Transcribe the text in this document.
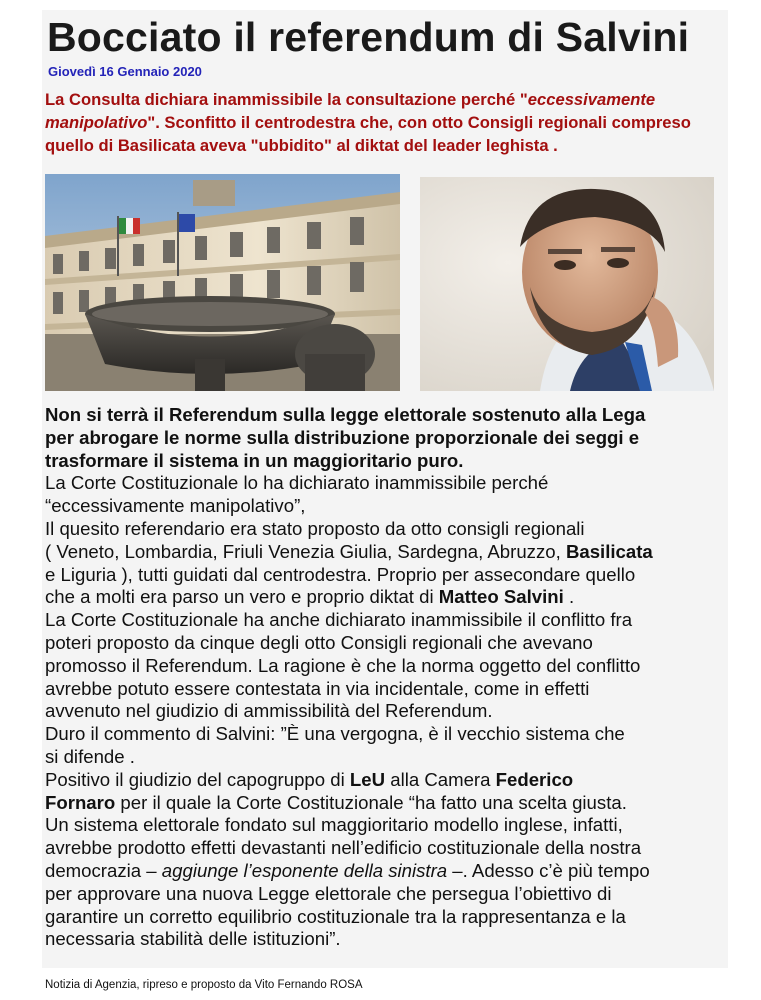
Bocciato il referendum di Salvini
Giovedì 16 Gennaio 2020

La Consulta dichiara inammissibile la consultazione perché "eccessivamente
manipolativo". Sconfitto il centrodestra che, con otto Consigli regionali compreso
quello di Basilicata aveva "ubbidito" al diktat del leader leghista .

Non si terrà il Referendum sulla legge elettorale sostenuto alla Lega

per abrogare le norme sulla distribuzione proporzionale dei seggi e

trasformare il sistema in un maggioritario puro.

La Corte Costituzionale lo ha dichiarato inammissibile perché

“eccessivamente manipolativo”,

Il quesito referendario era stato proposto da otto consigli regionali

( Veneto, Lombardia, Friuli Venezia Giulia, Sardegna, Abruzzo, Basilicata

e Liguria ), tutti guidati dal centrodestra. Proprio per assecondare quello

che a molti era parso un vero e proprio diktat di Matteo Salvini .

La Corte Costituzionale ha anche dichiarato inammissibile il conflitto fra

poteri proposto da cinque degli otto Consigli regionali che avevano

promosso il Referendum. La ragione è che la norma oggetto del conflitto

avrebbe potuto essere contestata in via incidentale, come in effetti

avvenuto nel giudizio di ammissibilità del Referendum.

Duro il commento di Salvini: ”È una vergogna, è il vecchio sistema che

si difende .

Positivo il giudizio del capogruppo di LeU alla Camera Federico

Fornaro per il quale la Corte Costituzionale “ha fatto una scelta giusta.

Un sistema elettorale fondato sul maggioritario modello inglese, infatti,

avrebbe prodotto effetti devastanti nell’edificio costituzionale della nostra

democrazia – aggiunge l’esponente della sinistra –. Adesso c’è più tempo

per approvare una nuova Legge elettorale che persegua l’obiettivo di

garantire un corretto equilibrio costituzionale tra la rappresentanza e la

necessaria stabilità delle istituzioni”.

Notizia di Agenzia, ripreso e proposto da Vito Fernando ROSA
